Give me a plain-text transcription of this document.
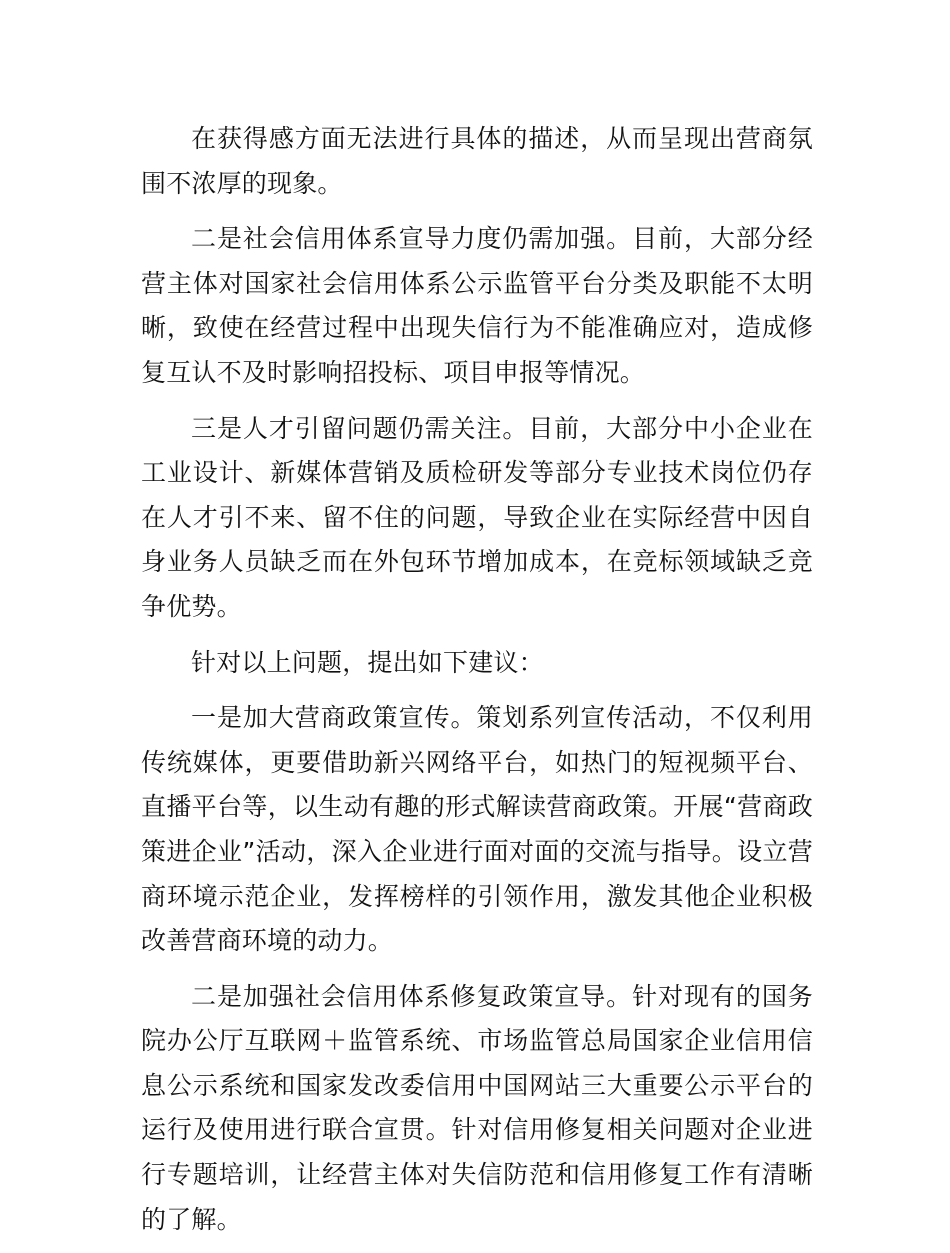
在获得感方面无法进行具体的描述，从而呈现出营商氛围不浓厚的现象。

二是社会信用体系宣导力度仍需加强。目前，大部分经营主体对国家社会信用体系公示监管平台分类及职能不太明晰，致使在经营过程中出现失信行为不能准确应对，造成修复互认不及时影响招投标、项目申报等情况。

三是人才引留问题仍需关注。目前，大部分中小企业在工业设计、新媒体营销及质检研发等部分专业技术岗位仍存在人才引不来、留不住的问题，导致企业在实际经营中因自身业务人员缺乏而在外包环节增加成本，在竞标领域缺乏竞争优势。

针对以上问题，提出如下建议：

一是加大营商政策宣传。策划系列宣传活动，不仅利用传统媒体，更要借助新兴网络平台，如热门的短视频平台、直播平台等，以生动有趣的形式解读营商政策。开展“营商政策进企业”活动，深入企业进行面对面的交流与指导。设立营商环境示范企业，发挥榜样的引领作用，激发其他企业积极改善营商环境的动力。

二是加强社会信用体系修复政策宣导。针对现有的国务院办公厅互联网＋监管系统、市场监管总局国家企业信用信息公示系统和国家发改委信用中国网站三大重要公示平台的运行及使用进行联合宣贯。针对信用修复相关问题对企业进行专题培训，让经营主体对失信防范和信用修复工作有清晰的了解。
